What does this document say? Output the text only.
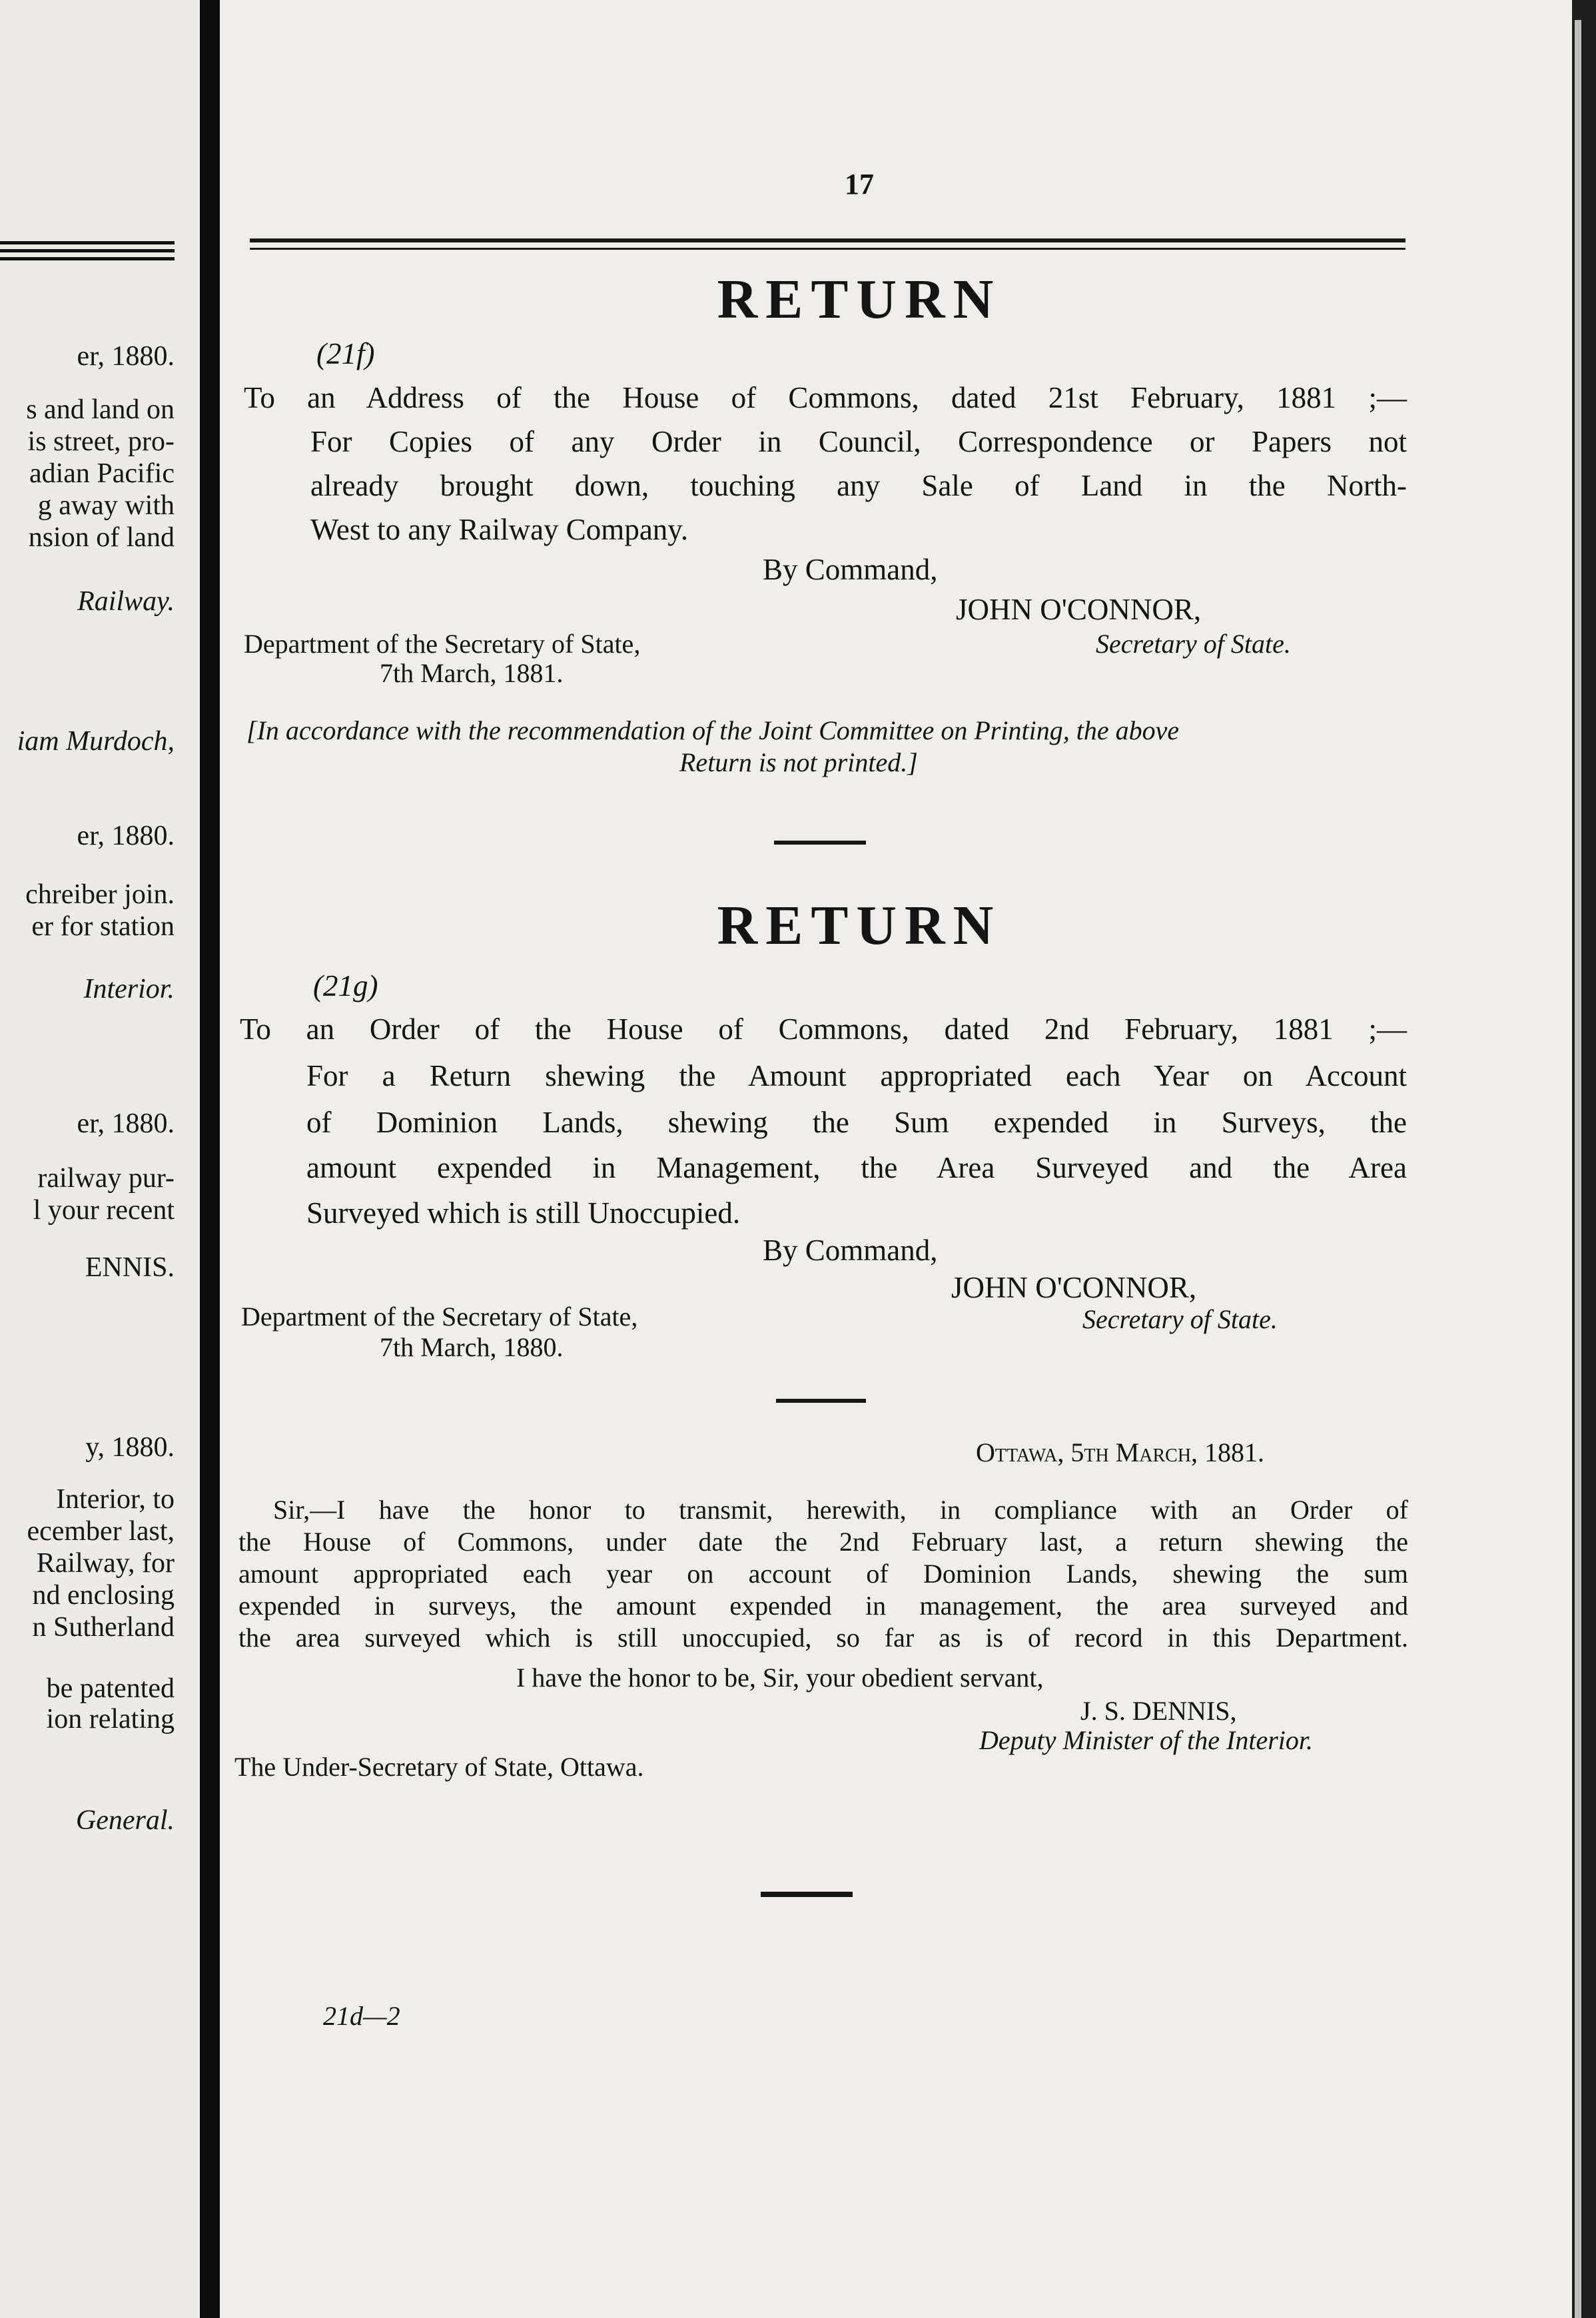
er, 1880.
s and land on
is street, pro-
adian Pacific
g away with
nsion of land
Railway.
iam Murdoch,
er, 1880.
chreiber join.
er for station
Interior.
er, 1880.
railway pur-
l your recent
ENNIS.
y, 1880.
Interior, to
ecember last,
Railway, for
nd enclosing
n Sutherland
be patented
ion relating
General.
17
RETURN
(21f)
To an Address of the House of Commons, dated 21st February, 1881 ;—
For Copies of any Order in Council, Correspondence or Papers not
already brought down, touching any Sale of Land in the North-
West to any Railway Company.
By Command,
JOHN O'CONNOR,
Department of the Secretary of State,	Secretary of State.
7th March, 1881.
[In accordance with the recommendation of the Joint Committee on Printing, the above
Return is not printed.]
RETURN
(21g)
To an Order of the House of Commons, dated 2nd February, 1881 ;—
For a Return shewing the Amount appropriated each Year on Account
of Dominion Lands, shewing the Sum expended in Surveys, the
amount expended in Management, the Area Surveyed and the Area
Surveyed which is still Unoccupied.
By Command,
JOHN O'CONNOR,
Department of the Secretary of State,	Secretary of State.
7th March, 1880.
Ottawa, 5th March, 1881.
Sir,—I have the honor to transmit, herewith, in compliance with an Order of
the House of Commons, under date the 2nd February last, a return shewing the
amount appropriated each year on account of Dominion Lands, shewing the sum
expended in surveys, the amount expended in management, the area surveyed and
the area surveyed which is still unoccupied, so far as is of record in this Department.
I have the honor to be, Sir, your obedient servant,
J. S. DENNIS,
Deputy Minister of the Interior.
The Under-Secretary of State, Ottawa.
21d—2
